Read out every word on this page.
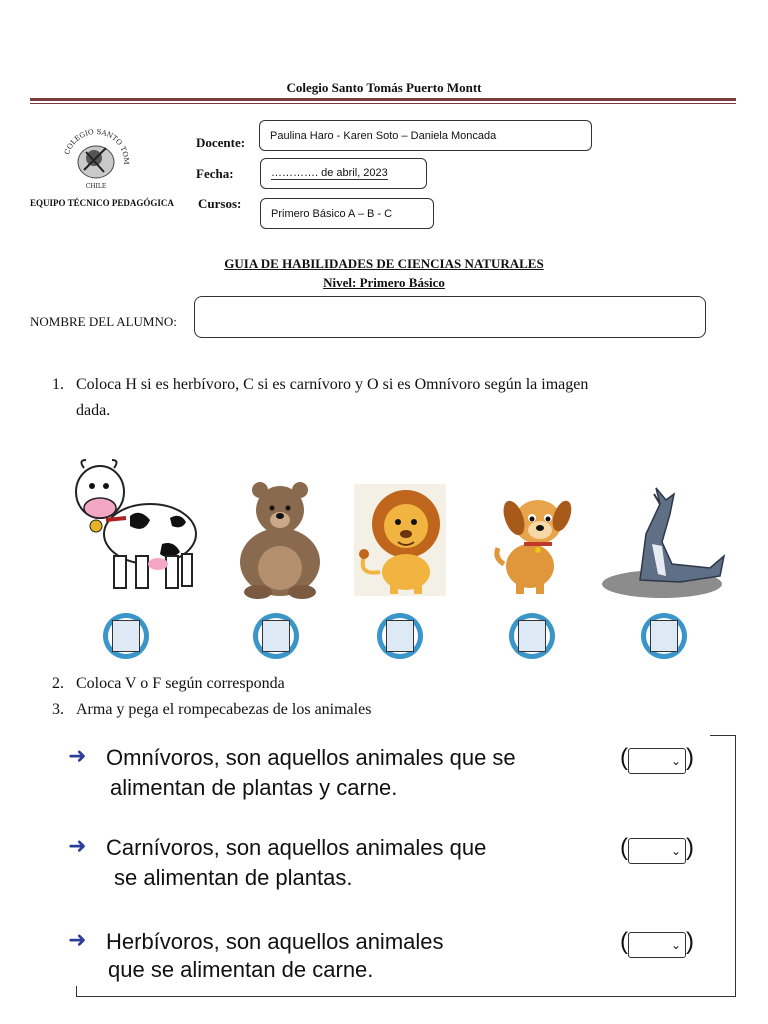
Colegio Santo Tomás Puerto Montt
COLEGIO SANTO TOM
CHILE
EQUIPO TÉCNICO PEDAGÓGICA
Docente: Paulina Haro - Karen Soto – Daniela Moncada
Fecha:	…………. de abril, 2023
Cursos:
Primero Básico A – B - C
GUIA DE HABILIDADES DE CIENCIAS NATURALES
Nivel: Primero Básico
NOMBRE DEL ALUMNO:
1. Coloca H si es herbívoro, C si es carnívoro y O si es Omnívoro según la imagen
dada.
2. Coloca V o F según corresponda
3. Arma y pega el rompecabezas de los animales
➜ Omnívoros, son aquellos animales que se
alimentan de plantas y carne.
(	⌄ )
➜ Carnívoros, son aquellos animales que
se alimentan de plantas.
(	⌄ )
➜ Herbívoros, son aquellos animales
que se alimentan de carne.
(	⌄ )
